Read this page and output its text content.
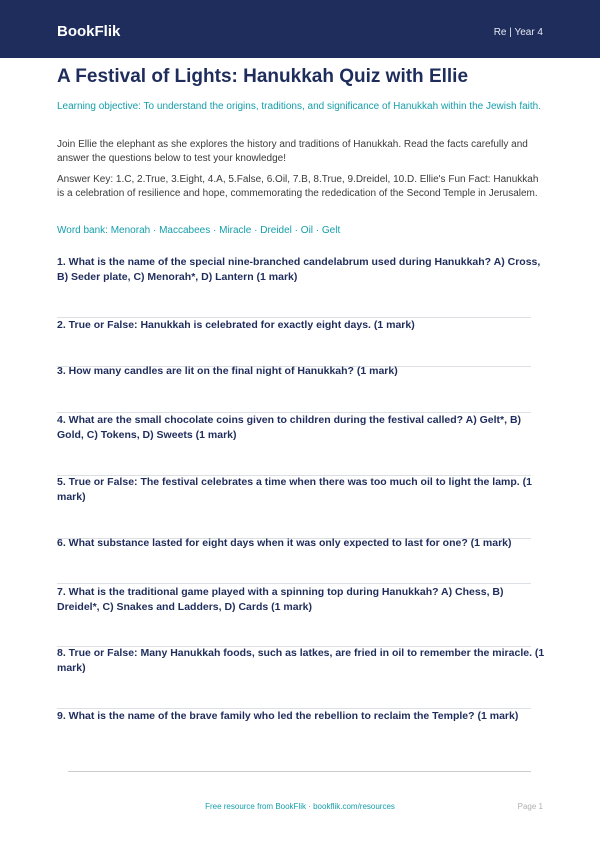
BookFlik	Re | Year 4
A Festival of Lights: Hanukkah Quiz with Ellie

Learning objective: To understand the origins, traditions, and significance of Hanukkah within the Jewish faith.

Join Ellie the elephant as she explores the history and traditions of Hanukkah. Read the facts carefully and answer the questions below to test your knowledge!

Answer Key: 1.C, 2.True, 3.Eight, 4.A, 5.False, 6.Oil, 7.B, 8.True, 9.Dreidel, 10.D. Ellie's Fun Fact: Hanukkah is a celebration of resilience and hope, commemorating the rededication of the Second Temple in Jerusalem.

Word bank: Menorah · Maccabees · Miracle · Dreidel · Oil · Gelt

1. What is the name of the special nine-branched candelabrum used during Hanukkah? A) Cross, B) Seder plate, C) Menorah*, D) Lantern (1 mark)

2. True or False: Hanukkah is celebrated for exactly eight days. (1 mark)

3. How many candles are lit on the final night of Hanukkah? (1 mark)

4. What are the small chocolate coins given to children during the festival called? A) Gelt*, B) Gold, C) Tokens, D) Sweets (1 mark)

5. True or False: The festival celebrates a time when there was too much oil to light the lamp. (1 mark)

6. What substance lasted for eight days when it was only expected to last for one? (1 mark)

7. What is the traditional game played with a spinning top during Hanukkah? A) Chess, B) Dreidel*, C) Snakes and Ladders, D) Cards (1 mark)

8. True or False: Many Hanukkah foods, such as latkes, are fried in oil to remember the miracle. (1 mark)

9. What is the name of the brave family who led the rebellion to reclaim the Temple? (1 mark)

Free resource from BookFlik · bookflik.com/resources	Page 1
